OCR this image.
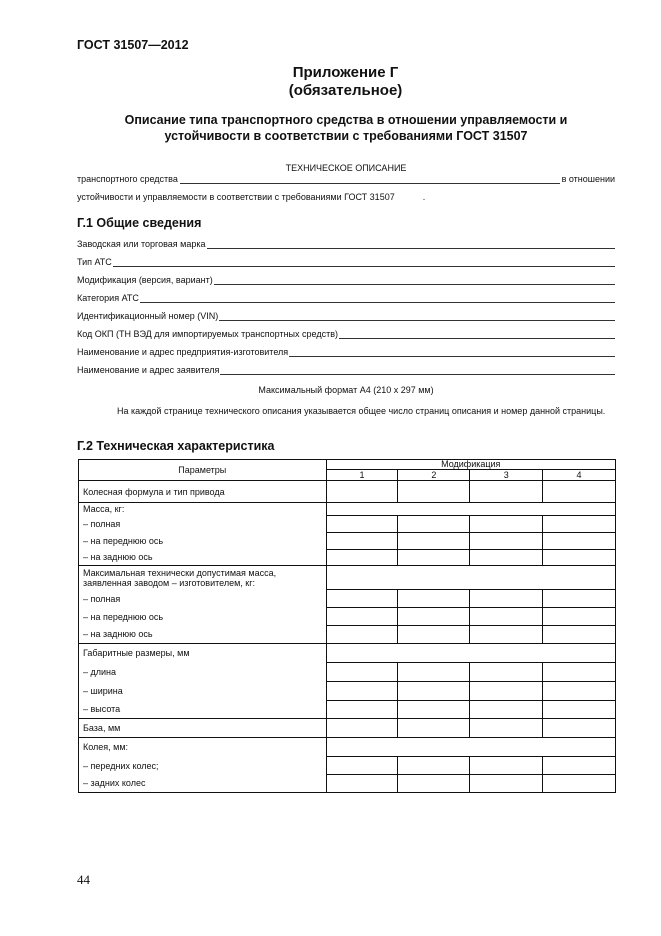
ГОСТ 31507—2012
Приложение Г
(обязательное)
Описание типа транспортного средства в отношении управляемости и
устойчивости в соответствии с требованиями ГОСТ 31507
ТЕХНИЧЕСКОЕ ОПИСАНИЕ
транспортного средства	в отношении
устойчивости и управляемости в соответствии с требованиями ГОСТ 31507	.
Г.1 Общие сведения
Заводская или торговая марка
Тип АТС
Модификация (версия, вариант)
Категория АТС
Идентификационный номер (VIN)
Код ОКП (ТН ВЭД для импортируемых транспортных средств)
Наименование и адрес предприятия-изготовителя
Наименование и адрес заявителя
Максимальный формат А4 (210 х 297 мм)
На каждой странице технического описания указывается общее число страниц описания и номер данной страницы.
Г.2 Техническая характеристика
Параметры	Модификация			
	1	2	3	4
Колесная формула и тип привода				
Масса, кг:				
– полная				
– на переднюю ось				
– на заднюю ось				

Максимальная технически допустимая масса,
заявленная заводом – изготовителем, кг:				

– полная				
– на переднюю ось				
– на заднюю ось				
Габаритные размеры, мм				
– длина				
– ширина				
– высота				
База, мм				
Колея, мм:				
– передних колес;				
– задних колес				
44
